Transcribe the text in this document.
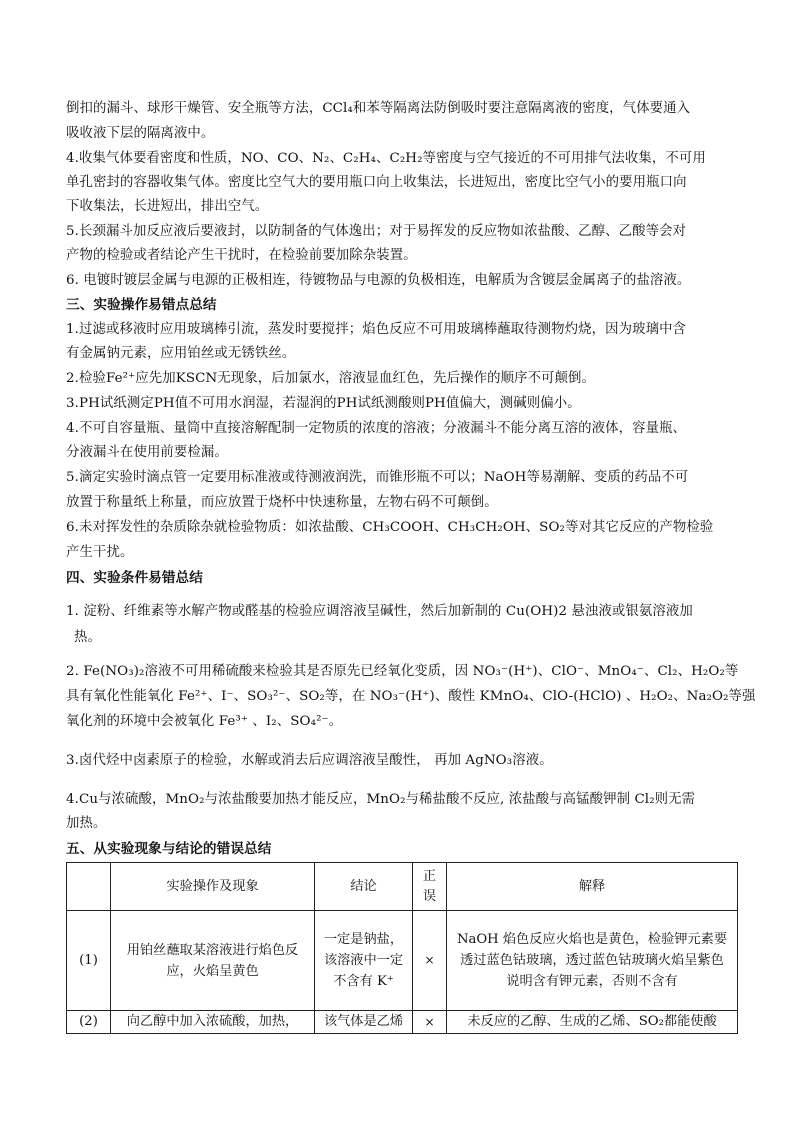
倒扣的漏斗、球形干燥管、安全瓶等方法，CCl₄和苯等隔离法防倒吸时要注意隔离液的密度，气体要通入
吸收液下层的隔离液中。
4.收集气体要看密度和性质，NO、CO、N₂、C₂H₄、C₂H₂等密度与空气接近的不可用排气法收集，不可用
单孔密封的容器收集气体。密度比空气大的要用瓶口向上收集法，长进短出，密度比空气小的要用瓶口向
下收集法，长进短出，排出空气。
5.长颈漏斗加反应液后要液封，以防制备的气体逸出；对于易挥发的反应物如浓盐酸、乙醇、乙酸等会对
产物的检验或者结论产生干扰时，在检验前要加除杂装置。
6. 电镀时镀层金属与电源的正极相连，待镀物品与电源的负极相连，电解质为含镀层金属离子的盐溶液。
三、实验操作易错点总结
1.过滤或移液时应用玻璃棒引流，蒸发时要搅拌；焰色反应不可用玻璃棒蘸取待测物灼烧，因为玻璃中含
有金属钠元素，应用铂丝或无锈铁丝。
2.检验Fe²⁺应先加KSCN无现象，后加氯水，溶液显血红色，先后操作的顺序不可颠倒。
3.PH试纸测定PH值不可用水润湿，若湿润的PH试纸测酸则PH值偏大，测碱则偏小。
4.不可自容量瓶、量筒中直接溶解配制一定物质的浓度的溶液；分液漏斗不能分离互溶的液体，容量瓶、
分液漏斗在使用前要检漏。
5.滴定实验时滴点管一定要用标准液或待测液润洗，而锥形瓶不可以；NaOH等易潮解、变质的药品不可
放置于称量纸上称量，而应放置于烧杯中快速称量，左物右码不可颠倒。
6.未对挥发性的杂质除杂就检验物质：如浓盐酸、CH₃COOH、CH₃CH₂OH、SO₂等对其它反应的产物检验
产生干扰。
四、实验条件易错总结
1. 淀粉、纤维素等水解产物或醛基的检验应调溶液呈碱性，然后加新制的 Cu(OH)2 悬浊液或银氨溶液加
热。
2. Fe(NO₃)₂溶液不可用稀硫酸来检验其是否原先已经氧化变质，因 NO₃⁻(H⁺)、ClO⁻、MnO₄⁻、Cl₂、H₂O₂等
具有氧化性能氧化 Fe²⁺、I⁻、SO₃²⁻、SO₂等，在 NO₃⁻(H⁺)、酸性 KMnO₄、ClO-(HClO) 、H₂O₂、Na₂O₂等强
氧化剂的环境中会被氧化 Fe³⁺ 、I₂、SO₄²⁻。
3.卤代烃中卤素原子的检验，水解或消去后应调溶液呈酸性， 再加 AgNO₃溶液。
4.Cu与浓硫酸，MnO₂与浓盐酸要加热才能反应，MnO₂与稀盐酸不反应, 浓盐酸与高锰酸钾制 Cl₂则无需
加热。
五、从实验现象与结论的错误总结
	实验操作及现象	结论	正误	解释
(1)	用铂丝蘸取某溶液进行焰色反应，火焰呈黄色	一定是钠盐，该溶液中一定不含有 K⁺	×	NaOH 焰色反应火焰也是黄色，检验钾元素要透过蓝色钴玻璃，透过蓝色钴玻璃火焰呈紫色说明含有钾元素，否则不含有
(2)	向乙醇中加入浓硫酸，加热，	该气体是乙烯	×	未反应的乙醇、生成的乙烯、SO₂都能使酸
